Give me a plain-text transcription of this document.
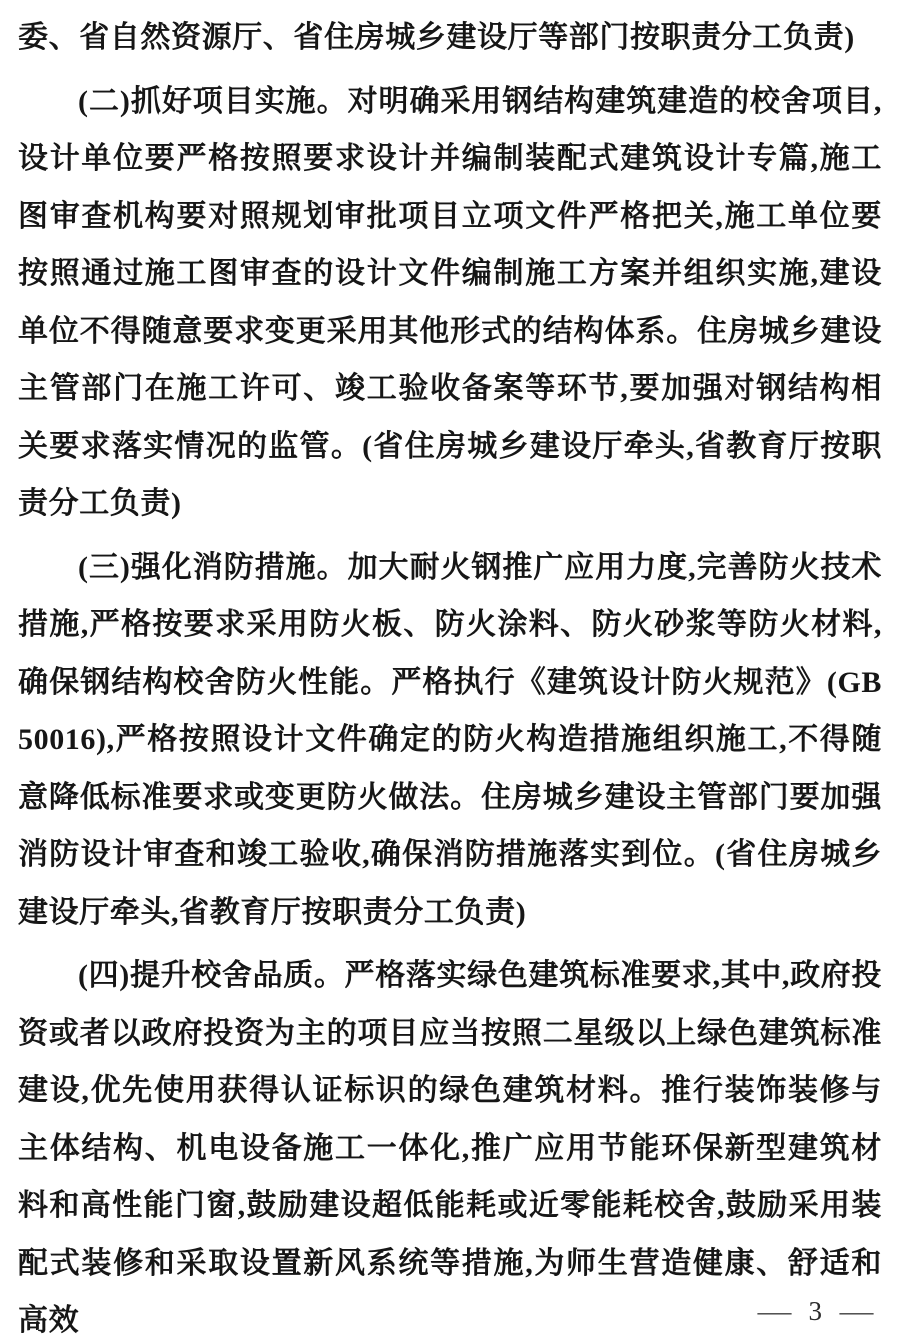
委、省自然资源厅、省住房城乡建设厅等部门按职责分工负责)

(二)抓好项目实施。对明确采用钢结构建筑建造的校舍项目,设计单位要严格按照要求设计并编制装配式建筑设计专篇,施工图审查机构要对照规划审批项目立项文件严格把关,施工单位要按照通过施工图审查的设计文件编制施工方案并组织实施,建设单位不得随意要求变更采用其他形式的结构体系。住房城乡建设主管部门在施工许可、竣工验收备案等环节,要加强对钢结构相关要求落实情况的监管。(省住房城乡建设厅牵头,省教育厅按职责分工负责)

(三)强化消防措施。加大耐火钢推广应用力度,完善防火技术措施,严格按要求采用防火板、防火涂料、防火砂浆等防火材料,确保钢结构校舍防火性能。严格执行《建筑设计防火规范》(GB 50016),严格按照设计文件确定的防火构造措施组织施工,不得随意降低标准要求或变更防火做法。住房城乡建设主管部门要加强消防设计审查和竣工验收,确保消防措施落实到位。(省住房城乡建设厅牵头,省教育厅按职责分工负责)

(四)提升校舍品质。严格落实绿色建筑标准要求,其中,政府投资或者以政府投资为主的项目应当按照二星级以上绿色建筑标准建设,优先使用获得认证标识的绿色建筑材料。推行装饰装修与主体结构、机电设备施工一体化,推广应用节能环保新型建筑材料和高性能门窗,鼓励建设超低能耗或近零能耗校舍,鼓励采用装配式装修和采取设置新风系统等措施,为师生营造健康、舒适和高效	— 3 —
